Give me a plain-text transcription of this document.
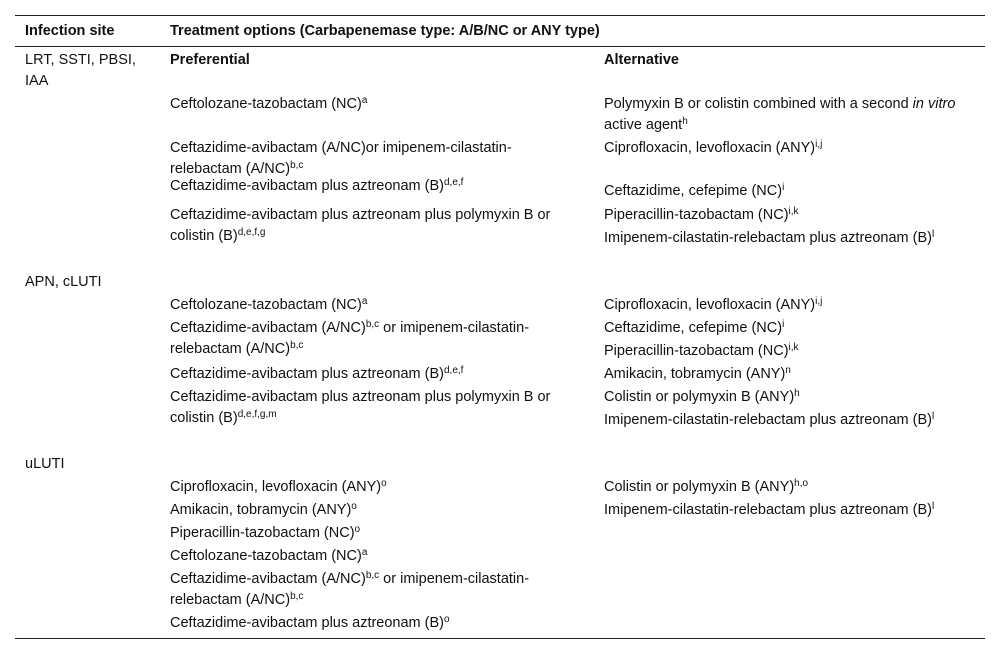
Infection site	Treatment options (Carbapenemase type: A/B/NC or ANY type)
LRT, SSTI, PBSI, IAA
Preferential	Alternative
Ceftolozane-tazobactam (NC)$^a$
Ceftazidime-avibactam (A/NC)or imipenem-cilastatin-relebactam $(A/NC)^{b,c}$
Ceftazidime-avibactam plus aztreonam $(B)^{d,e,f}$
Ceftazidime-avibactam plus aztreonam plus polymyxin B or colistin $(B)^{d,e,f,g}$
Polymyxin B or colistin combined with a second in vitro active agent$^h$
Ciprofloxacin, levofloxacin (ANY)$^{i,j}$
Ceftazidime, cefepime (NC)$^i$
Piperacillin-tazobactam (NC)$^{i,k}$
Imipenem-cilastatin-relebactam plus aztreonam $(B)^l$
APN, cLUTI
Ceftolozane-tazobactam (NC)$^a$
Ceftazidime-avibactam $(A/NC)^{b,c}$ or imipenem-cilastatin-relebactam $(A/NC)^{b,c}$
Ceftazidime-avibactam plus aztreonam $(B)^{d,e,f}$
Ceftazidime-avibactam plus aztreonam plus polymyxin B or colistin $(B)^{d,e,f,g,m}$
Ciprofloxacin, levofloxacin (ANY)$^{i,j}$
Ceftazidime, cefepime (NC)$^i$
Piperacillin-tazobactam (NC)$^{i,k}$
Amikacin, tobramycin (ANY)$^n$
Colistin or polymyxin B (ANY)$^h$
Imipenem-cilastatin-relebactam plus aztreonam $(B)^l$
uLUTI
Ciprofloxacin, levofloxacin (ANY)$^o$
Amikacin, tobramycin (ANY)$^o$
Piperacillin-tazobactam (NC)$^o$
Ceftolozane-tazobactam (NC)$^a$
Ceftazidime-avibactam $(A/NC)^{b,c}$ or imipenem-cilastatin-relebactam $(A/NC)^{b,c}$
Ceftazidime-avibactam plus aztreonam $(B)^o$
Colistin or polymyxin B (ANY)$^{h,o}$
Imipenem-cilastatin-relebactam plus aztreonam $(B)^l$
